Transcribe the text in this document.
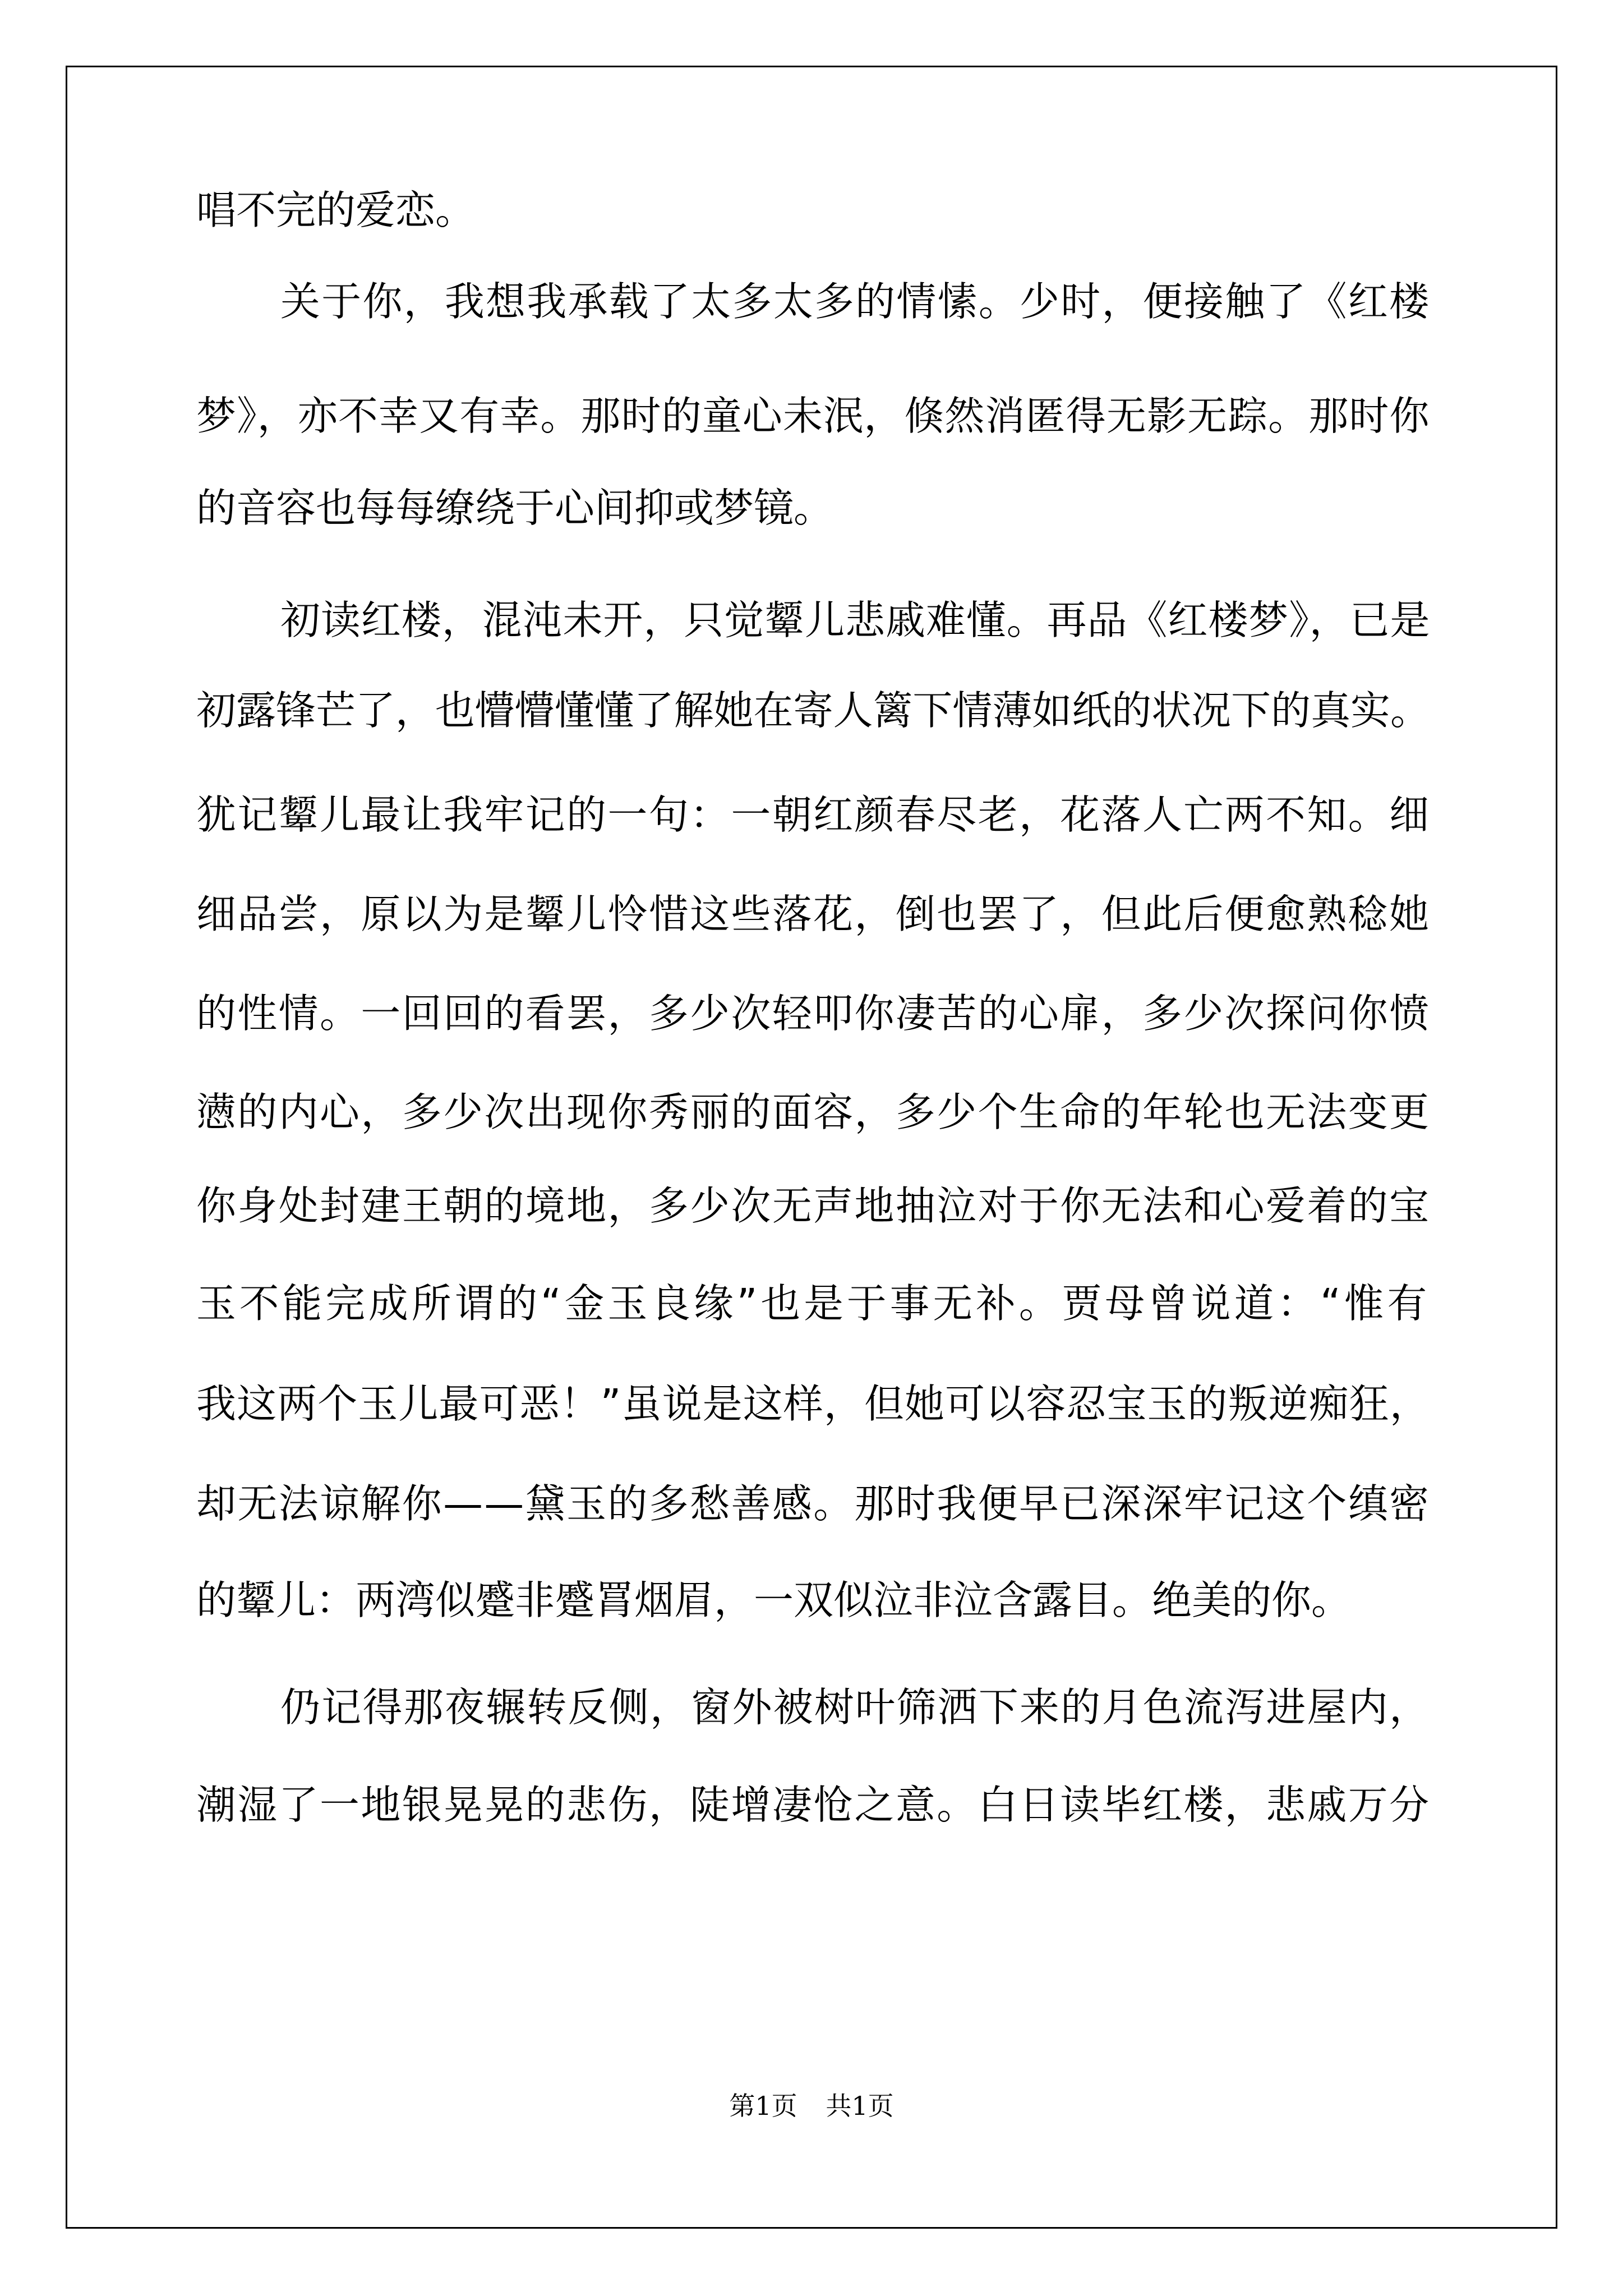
唱不完的爱恋。
关于你，我想我承载了太多太多的情愫。少时，便接触了《红楼
梦》，亦不幸又有幸。那时的童心未泯，倏然消匿得无影无踪。那时你
的音容也每每缭绕于心间抑或梦镜。
初读红楼，混沌未开，只觉颦儿悲戚难懂。再品《红楼梦》，已是
初露锋芒了，也懵懵懂懂了解她在寄人篱下情薄如纸的状况下的真实。
犹记颦儿最让我牢记的一句：一朝红颜春尽老，花落人亡两不知。细
细品尝，原以为是颦儿怜惜这些落花，倒也罢了，但此后便愈熟稔她
的性情。一回回的看罢，多少次轻叩你凄苦的心扉，多少次探问你愤
懑的内心，多少次出现你秀丽的面容，多少个生命的年轮也无法变更
你身处封建王朝的境地，多少次无声地抽泣对于你无法和心爱着的宝
玉不能完成所谓的“金玉良缘”也是于事无补。贾母曾说道：“惟有
我这两个玉儿最可恶！”虽说是这样，但她可以容忍宝玉的叛逆痴狂，
却无法谅解你——黛玉的多愁善感。那时我便早已深深牢记这个缜密
的颦儿：两湾似蹙非蹙罥烟眉，一双似泣非泣含露目。绝美的你。
仍记得那夜辗转反侧，窗外被树叶筛洒下来的月色流泻进屋内，
潮湿了一地银晃晃的悲伤，陡增凄怆之意。白日读毕红楼，悲戚万分
第1页 共1页
